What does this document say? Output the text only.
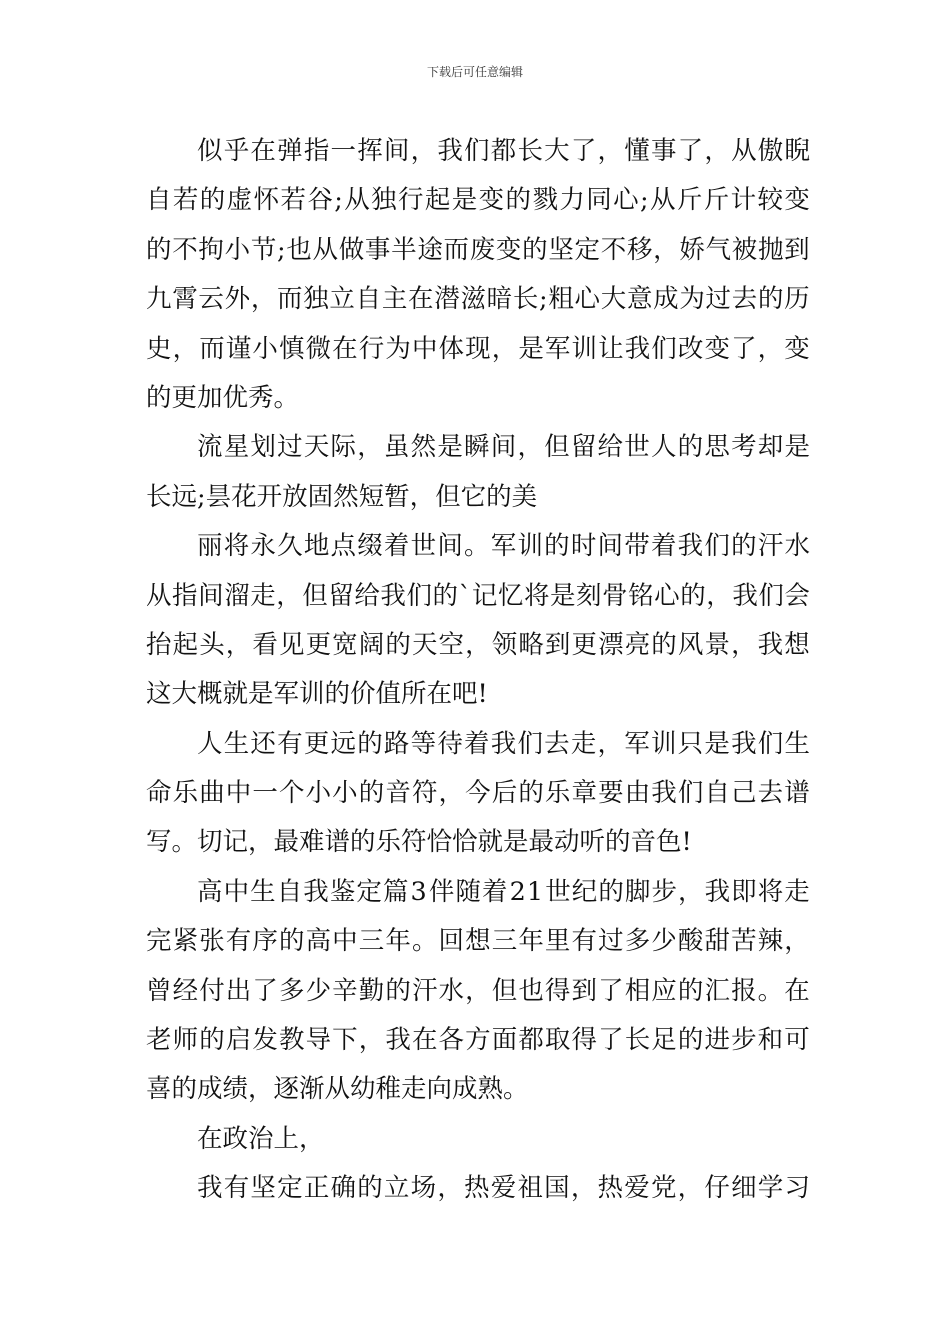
下载后可任意编辑
似 乎 在 弹 指 一 挥 间 ， 我 们 都 长 大 了 ， 懂 事 了 ， 从 傲 睨
自 若 的 虚 怀 若 谷 ; 从 独 行 起 是 变 的 戮 力 同 心 ; 从 斤 斤 计 较 变
的 不 拘 小 节 ; 也 从 做 事 半 途 而 废 变 的 坚 定 不 移 ， 娇 气 被 抛 到
九 霄 云 外 ， 而 独 立 自 主 在 潜 滋 暗 长 ; 粗 心 大 意 成 为 过 去 的 历
史 ， 而 谨 小 慎 微 在 行 为 中 体 现 ， 是 军 训 让 我 们 改 变 了 ， 变
的更加优秀。
流 星 划 过 天 际 ， 虽 然 是 瞬 间 ， 但 留 给 世 人 的 思 考 却 是
长远;昙花开放固然短暂，但它的美
丽 将 永 久 地 点 缀 着 世 间 。 军 训 的 时 间 带 着 我 们 的 汗 水
从 指 间 溜 走 ， 但 留 给 我 们 的 ` 记 忆 将 是 刻 骨 铭 心 的 ， 我 们 会
抬 起 头 ， 看 见 更 宽 阔 的 天 空 ， 领 略 到 更 漂 亮 的 风 景 ， 我 想
这大概就是军训的价值所在吧!
人 生 还 有 更 远 的 路 等 待 着 我 们 去 走 ， 军 训 只 是 我 们 生
命 乐 曲 中 一 个 小 小 的 音 符 ， 今 后 的 乐 章 要 由 我 们 自 己 去 谱
写。切记，最难谱的乐符恰恰就是最动听的音色!
高 中 生 自 我 鉴 定 篇 3 伴 随 着 2 1 世 纪 的 脚 步 ， 我 即 将 走
完 紧 张 有 序 的 高 中 三 年 。 回 想 三 年 里 有 过 多 少 酸 甜 苦 辣 ，
曾 经 付 出 了 多 少 辛 勤 的 汗 水 ， 但 也 得 到 了 相 应 的 汇 报 。 在
老 师 的 启 发 教 导 下 ， 我 在 各 方 面 都 取 得 了 长 足 的 进 步 和 可
喜的成绩，逐渐从幼稚走向成熟。
在政治上，
我 有 坚 定 正 确 的 立 场 ， 热 爱 祖 国 ， 热 爱 党 ， 仔 细 学 习
